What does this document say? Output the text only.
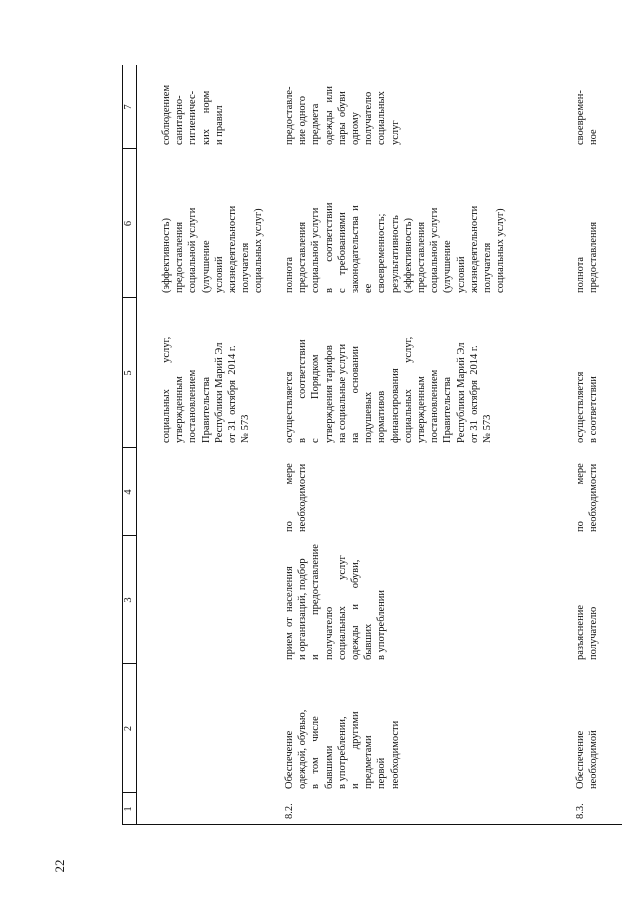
22
1
2
3
4
5
6
7
социальных          услуг,
утвержденным
постановлением
Правительства
Республики Марий Эл
от 31  октября  2014 г.
№ 573
(эффективность)
предоставления
социальной услуги
(улучшение
условий
жизнедеятельности
получателя
социальных услуг)
соблюдением
санитарно-
гигиеничес-
ких      норм
и правил
8.2.
Обеспечение
одеждой, обувью,
в    том      числе
бывшими
в употреблении,
и             другими
предметами
первой
необходимости
прием  от  населения
и организаций, подбор
и               предоставление
получателю
социальных          услуг
одежды      и      обуви,
бывших
в употреблении
по              мере
необходимости
осуществляется
в               соответствии
с               Порядком
утверждения тарифов
на социальные услуги
на               основании
подушевых
нормативов
финансирования
социальных          услуг,
утвержденным
постановлением
Правительства
Республики Марий Эл
от 31  октября  2014 г.
№ 573
полнота
предоставления
социальной услуги
в          соответствии
с     требованиями
законодательства  и
ее
своевременность;
результативность
(эффективность)
предоставления
социальной услуги
(улучшение
условий
жизнедеятельности
получателя
социальных услуг)
предоставле-
ние одного
предмета
одежды   или
пары  обуви
одному
получателю
социальных
услуг
8.3.
Обеспечение
необходимой
разъяснение
получателю
по              мере
необходимости
осуществляется
в соответствии
полнота
предоставления
своевремен-
ное
